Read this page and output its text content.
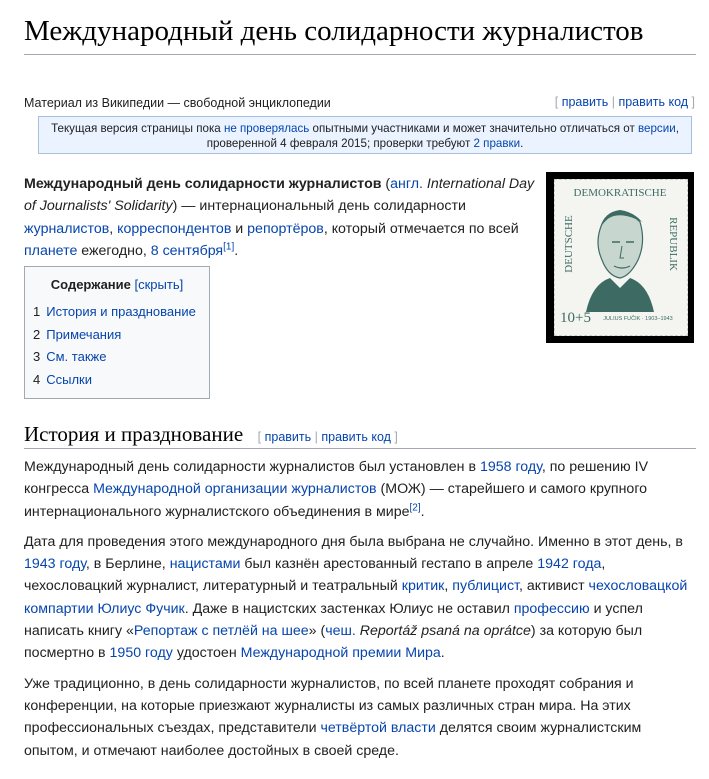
Международный день солидарности журналистов
Материал из Википедии — свободной энциклопедии	[ править | править код ]
Текущая версия страницы пока не проверялась опытными участниками и может значительно отличаться от версии, проверенной 4 февраля 2015; проверки требуют 2 правки.

Международный день солидарности журналистов (англ. International Day of Journalists' Solidarity) — интернациональный день солидарности журналистов, корреспондентов и репортёров, который отмечается по всей планете ежегодно, 8 сентября[1].

DEMOKRATISCHE
DEUTSCHE	REPUBLIK
10+5 JULIUS FUČIK · 1903–1943
Содержание [скрыть]
1 История и празднование
2 Примечания
3 См. также
4 Ссылки
История и празднование [ править | править код ]

Международный день солидарности журналистов был установлен в 1958 году, по решению IV конгресса Международной организации журналистов (МОЖ) — старейшего и самого крупного интернационального журналистского объединения в мире[2].

Дата для проведения этого международного дня была выбрана не случайно. Именно в этот день, в 1943 году, в Берлине, нацистами был казнён арестованный гестапо в апреле 1942 года, чехословацкий журналист, литературный и театральный критик, публицист, активист чехословацкой компартии Юлиус Фучик. Даже в нацистских застенках Юлиус не оставил профессию и успел написать книгу «Репортаж с петлёй на шее» (чеш. Reportáž psaná na oprátce) за которую был посмертно в 1950 году удостоен Международной премии Мира.

Уже традиционно, в день солидарности журналистов, по всей планете проходят собрания и конференции, на которые приезжают журналисты из самых различных стран мира. На этих профессиональных съездах, представители четвёртой власти делятся своим журналистским опытом, и отмечают наиболее достойных в своей среде.
